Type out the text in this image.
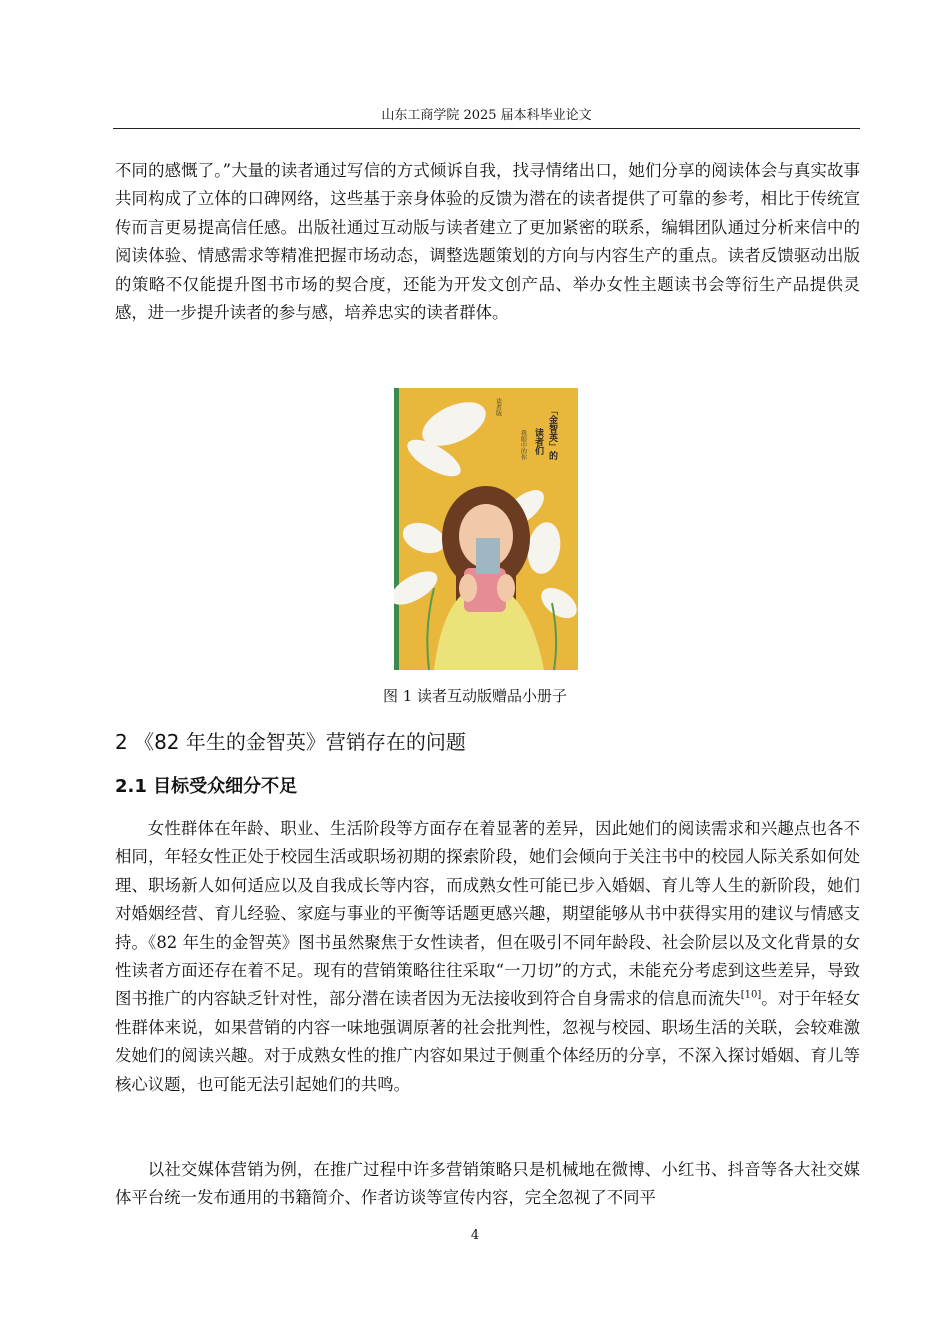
山东工商学院 2025 届本科毕业论文

不同的感慨了。”大量的读者通过写信的方式倾诉自我，找寻情绪出口，她们分享的阅读体会与真实故事共同构成了立体的口碑网络，这些基于亲身体验的反馈为潜在的读者提供了可靠的参考，相比于传统宣传而言更易提高信任感。出版社通过互动版与读者建立了更加紧密的联系，编辑团队通过分析来信中的阅读体验、情感需求等精准把握市场动态，调整选题策划的方向与内容生产的重点。读者反馈驱动出版的策略不仅能提升图书市场的契合度，还能为开发文创产品、举办女性主题读书会等衍生产品提供灵感，进一步提升读者的参与感，培养忠实的读者群体。

「金智英」的
读者们
我眼中的你
读者版
图 1 读者互动版赠品小册子
2 《82 年生的金智英》营销存在的问题
2.1 目标受众细分不足

女性群体在年龄、职业、生活阶段等方面存在着显著的差异，因此她们的阅读需求和兴趣点也各不相同，年轻女性正处于校园生活或职场初期的探索阶段，她们会倾向于关注书中的校园人际关系如何处理、职场新人如何适应以及自我成长等内容，而成熟女性可能已步入婚姻、育儿等人生的新阶段，她们对婚姻经营、育儿经验、家庭与事业的平衡等话题更感兴趣，期望能够从书中获得实用的建议与情感支持。《82 年生的金智英》图书虽然聚焦于女性读者，但在吸引不同年龄段、社会阶层以及文化背景的女性读者方面还存在着不足。现有的营销策略往往采取“一刀切”的方式，未能充分考虑到这些差异，导致图书推广的内容缺乏针对性，部分潜在读者因为无法接收到符合自身需求的信息而流失[10]。对于年轻女性群体来说，如果营销的内容一味地强调原著的社会批判性，忽视与校园、职场生活的关联，会较难激发她们的阅读兴趣。对于成熟女性的推广内容如果过于侧重个体经历的分享，不深入探讨婚姻、育儿等核心议题，也可能无法引起她们的共鸣。

以社交媒体营销为例，在推广过程中许多营销策略只是机械地在微博、小红书、抖音等各大社交媒体平台统一发布通用的书籍简介、作者访谈等宣传内容，完全忽视了不同平

4
